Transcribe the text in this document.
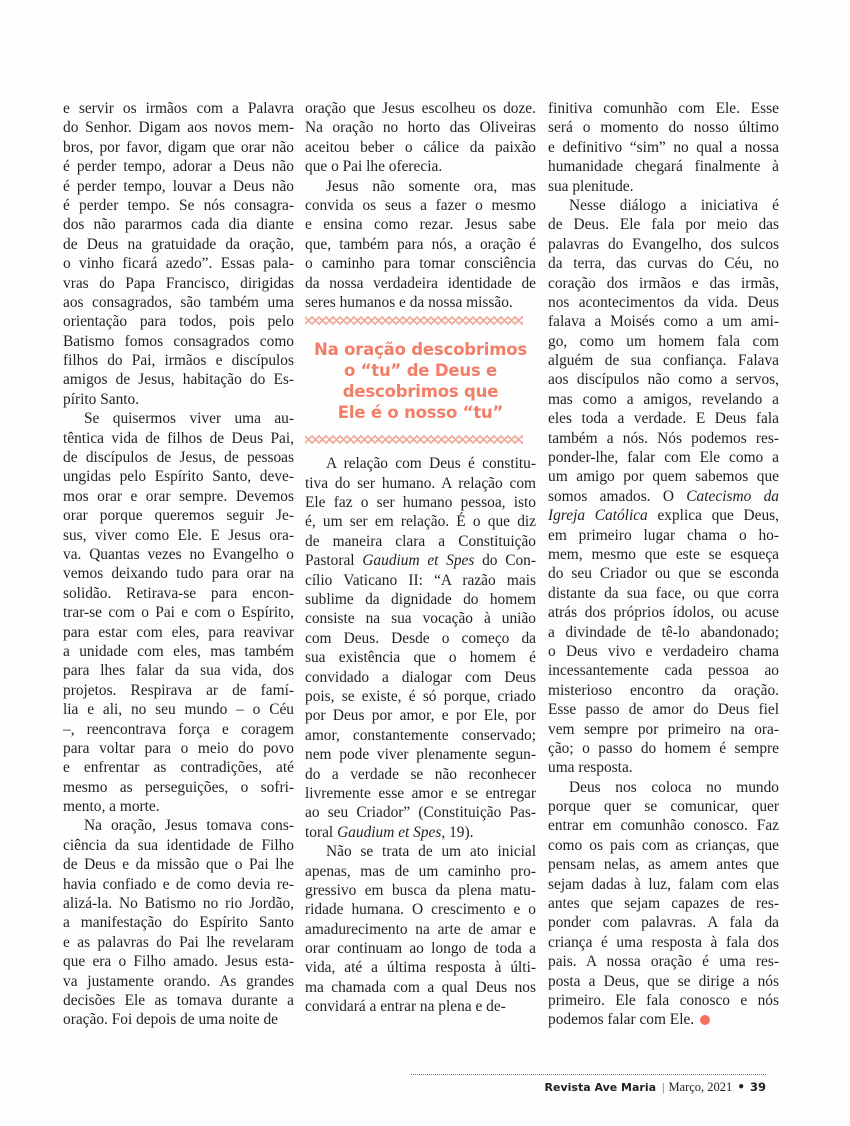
e servir os irmãos com a Palavra
do Senhor. Digam aos novos mem-
bros, por favor, digam que orar não
é perder tempo, adorar a Deus não
é perder tempo, louvar a Deus não
é perder tempo. Se nós consagra-
dos não pararmos cada dia diante
de Deus na gratuidade da oração,
o vinho ficará azedo”. Essas pala-
vras do Papa Francisco, dirigidas
aos consagrados, são também uma
orientação para todos, pois pelo
Batismo fomos consagrados como
filhos do Pai, irmãos e discípulos
amigos de Jesus, habitação do Es-
pírito Santo.

Se quisermos viver uma au-
têntica vida de filhos de Deus Pai,
de discípulos de Jesus, de pessoas
ungidas pelo Espírito Santo, deve-
mos orar e orar sempre. Devemos
orar porque queremos seguir Je-
sus, viver como Ele. E Jesus ora-
va. Quantas vezes no Evangelho o
vemos deixando tudo para orar na
solidão. Retirava-se para encon-
trar-se com o Pai e com o Espírito,
para estar com eles, para reavivar
a unidade com eles, mas também
para lhes falar da sua vida, dos
projetos. Respirava ar de famí-
lia e ali, no seu mundo – o Céu
–, reencontrava força e coragem
para voltar para o meio do povo
e enfrentar as contradições, até
mesmo as perseguições, o sofri-
mento, a morte.

Na oração, Jesus tomava cons-
ciência da sua identidade de Filho
de Deus e da missão que o Pai lhe
havia confiado e de como devia re-
alizá-la. No Batismo no rio Jordão,
a manifestação do Espírito Santo
e as palavras do Pai lhe revelaram
que era o Filho amado. Jesus esta-
va justamente orando. As grandes
decisões Ele as tomava durante a
oração. Foi depois de uma noite de

oração que Jesus escolheu os doze.
Na oração no horto das Oliveiras
aceitou beber o cálice da paixão
que o Pai lhe oferecia.

Jesus não somente ora, mas
convida os seus a fazer o mesmo
e ensina como rezar. Jesus sabe
que, também para nós, a oração é
o caminho para tomar consciência
da nossa verdadeira identidade de
seres humanos e da nossa missão.

Na oração descobrimos
o “tu” de Deus e
descobrimos que
Ele é o nosso “tu”

A relação com Deus é constitu-
tiva do ser humano. A relação com
Ele faz o ser humano pessoa, isto
é, um ser em relação. É o que diz
de maneira clara a Constituição
Pastoral Gaudium et Spes do Con-
cílio Vaticano II: “A razão mais
sublime da dignidade do homem
consiste na sua vocação à união
com Deus. Desde o começo da
sua existência que o homem é
convidado a dialogar com Deus
pois, se existe, é só porque, criado
por Deus por amor, e por Ele, por
amor, constantemente conservado;
nem pode viver plenamente segun-
do a verdade se não reconhecer
livremente esse amor e se entregar
ao seu Criador” (Constituição Pas-
toral Gaudium et Spes, 19).

Não se trata de um ato inicial
apenas, mas de um caminho pro-
gressivo em busca da plena matu-
ridade humana. O crescimento e o
amadurecimento na arte de amar e
orar continuam ao longo de toda a
vida, até a última resposta à últi-
ma chamada com a qual Deus nos
convidará a entrar na plena e de-

finitiva comunhão com Ele. Esse
será o momento do nosso último
e definitivo “sim” no qual a nossa
humanidade chegará finalmente à
sua plenitude.

Nesse diálogo a iniciativa é
de Deus. Ele fala por meio das
palavras do Evangelho, dos sulcos
da terra, das curvas do Céu, no
coração dos irmãos e das irmãs,
nos acontecimentos da vida. Deus
falava a Moisés como a um ami-
go, como um homem fala com
alguém de sua confiança. Falava
aos discípulos não como a servos,
mas como a amigos, revelando a
eles toda a verdade. E Deus fala
também a nós. Nós podemos res-
ponder-lhe, falar com Ele como a
um amigo por quem sabemos que
somos amados. O Catecismo da
Igreja Católica explica que Deus,
em primeiro lugar chama o ho-
mem, mesmo que este se esqueça
do seu Criador ou que se esconda
distante da sua face, ou que corra
atrás dos próprios ídolos, ou acuse
a divindade de tê-lo abandonado;
o Deus vivo e verdadeiro chama
incessantemente cada pessoa ao
misterioso encontro da oração.
Esse passo de amor do Deus fiel
vem sempre por primeiro na ora-
ção; o passo do homem é sempre
uma resposta.

Deus nos coloca no mundo
porque quer se comunicar, quer
entrar em comunhão conosco. Faz
como os pais com as crianças, que
pensam nelas, as amem antes que
sejam dadas à luz, falam com elas
antes que sejam capazes de res-
ponder com palavras. A fala da
criança é uma resposta à fala dos
pais. A nossa oração é uma res-
posta a Deus, que se dirige a nós
primeiro. Ele fala conosco e nós
podemos falar com Ele.

Revista Ave Maria | Março, 2021 • 39
